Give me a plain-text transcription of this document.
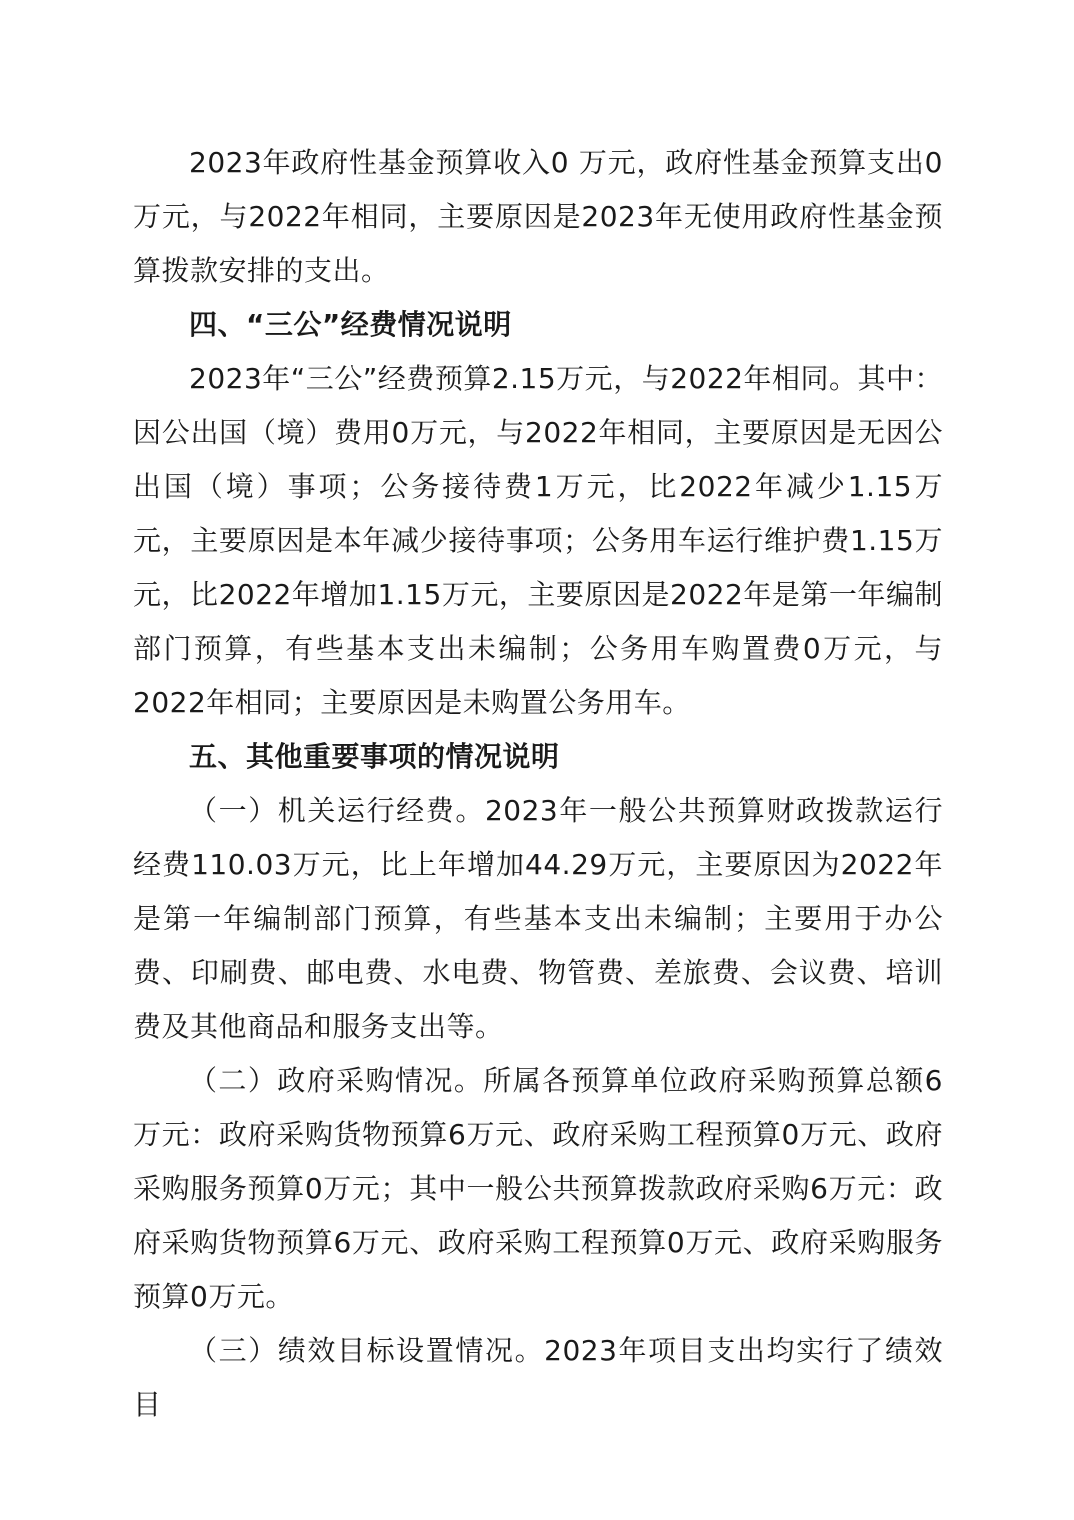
2023年政府性基金预算收入0 万元，政府性基金预算支出0万元，与2022年相同，主要原因是2023年无使用政府性基金预算拨款安排的支出。

四、“三公”经费情况说明

2023年“三公”经费预算2.15万元，与2022年相同。其中：因公出国（境）费用0万元，与2022年相同，主要原因是无因公出国（境）事项；公务接待费1万元，比2022年减少1.15万元，主要原因是本年减少接待事项；公务用车运行维护费1.15万元，比2022年增加1.15万元，主要原因是2022年是第一年编制部门预算，有些基本支出未编制；公务用车购置费0万元，与2022年相同；主要原因是未购置公务用车。

五、其他重要事项的情况说明

（一）机关运行经费。2023年一般公共预算财政拨款运行经费110.03万元，比上年增加44.29万元，主要原因为2022年是第一年编制部门预算，有些基本支出未编制；主要用于办公费、印刷费、邮电费、水电费、物管费、差旅费、会议费、培训费及其他商品和服务支出等。

（二）政府采购情况。所属各预算单位政府采购预算总额6万元：政府采购货物预算6万元、政府采购工程预算0万元、政府采购服务预算0万元；其中一般公共预算拨款政府采购6万元：政府采购货物预算6万元、政府采购工程预算0万元、政府采购服务预算0万元。

（三）绩效目标设置情况。2023年项目支出均实行了绩效目
